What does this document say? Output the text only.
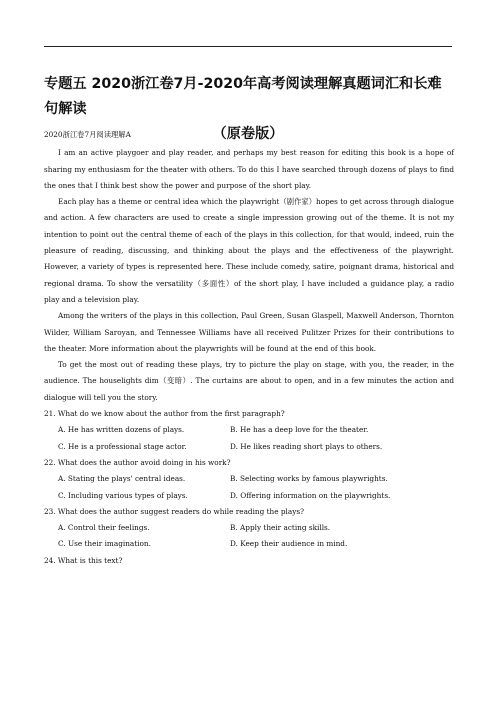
专题五 2020浙江卷7月-2020年高考阅读理解真题词汇和长难句解读
（原卷版）

2020浙江卷7月阅读理解A

I am an active playgoer and play reader, and perhaps my best reason for editing this book is a hope of sharing my enthusiasm for the theater with others. To do this I have searched through dozens of plays to find the ones that I think best show the power and purpose of the short play.

Each play has a theme or central idea which the playwright（剧作家）hopes to get across through dialogue and action. A few characters are used to create a single impression growing out of the theme. It is not my intention to point out the central theme of each of the plays in this collection, for that would, indeed, ruin the pleasure of reading, discussing, and thinking about the plays and the effectiveness of the playwright. However, a variety of types is represented here. These include comedy, satire, poignant drama, historical and regional drama. To show the versatility（多面性）of the short play, I have included a guidance play, a radio play and a television play.

Among the writers of the plays in this collection, Paul Green, Susan Glaspell, Maxwell Anderson, Thornton Wilder, William Saroyan, and Tennessee Williams have all received Pulitzer Prizes for their contributions to the theater. More information about the playwrights will be found at the end of this book.

To get the most out of reading these plays, try to picture the play on stage, with you, the reader, in the audience. The houselights dim（变暗）. The curtains are about to open, and in a few minutes the action and dialogue will tell you the story.

21. What do we know about the author from the first paragraph?

A. He has written dozens of plays.	B. He has a deep love for the theater.
C. He is a professional stage actor.	D. He likes reading short plays to others.

22. What does the author avoid doing in his work?

A. Stating the plays' central ideas.	B. Selecting works by famous playwrights.
C. Including various types of plays.	D. Offering information on the playwrights.

23. What does the author suggest readers do while reading the plays?

A. Control their feelings.	B. Apply their acting skills.
C. Use their imagination.	D. Keep their audience in mind.

24. What is this text?
